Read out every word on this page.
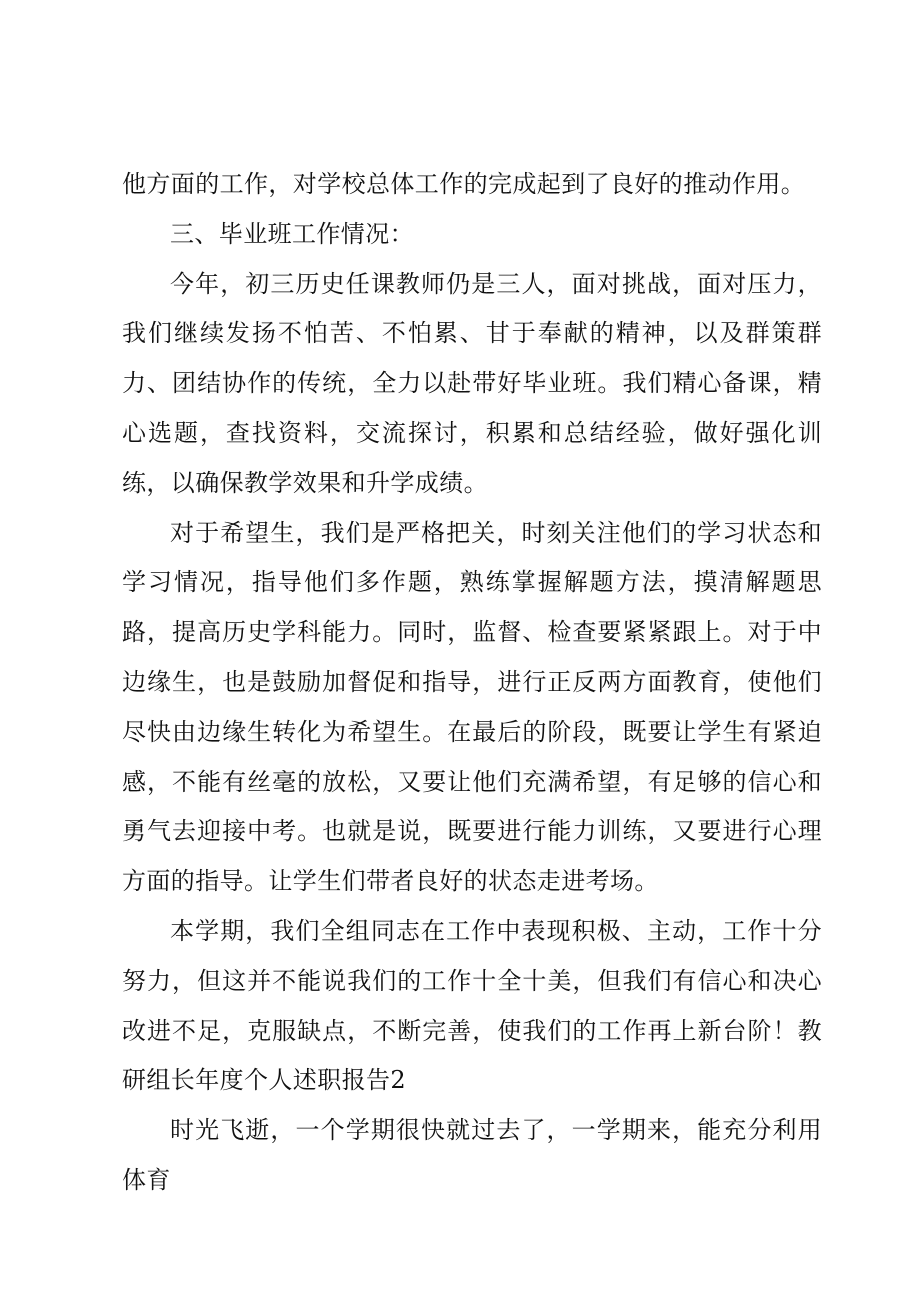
他方面的工作，对学校总体工作的完成起到了良好的推动作用。

三、毕业班工作情况：

今年，初三历史任课教师仍是三人，面对挑战，面对压力，我们继续发扬不怕苦、不怕累、甘于奉献的精神，以及群策群力、团结协作的传统，全力以赴带好毕业班。我们精心备课，精心选题，查找资料，交流探讨，积累和总结经验，做好强化训练，以确保教学效果和升学成绩。

对于希望生，我们是严格把关，时刻关注他们的学习状态和学习情况，指导他们多作题，熟练掌握解题方法，摸清解题思路，提高历史学科能力。同时，监督、检查要紧紧跟上。对于中边缘生，也是鼓励加督促和指导，进行正反两方面教育，使他们尽快由边缘生转化为希望生。在最后的阶段，既要让学生有紧迫感，不能有丝毫的放松，又要让他们充满希望，有足够的信心和勇气去迎接中考。也就是说，既要进行能力训练，又要进行心理方面的指导。让学生们带者良好的状态走进考场。

本学期，我们全组同志在工作中表现积极、主动，工作十分努力，但这并不能说我们的工作十全十美，但我们有信心和决心改进不足，克服缺点，不断完善，使我们的工作再上新台阶！教研组长年度个人述职报告2

时光飞逝，一个学期很快就过去了，一学期来，能充分利用体育
